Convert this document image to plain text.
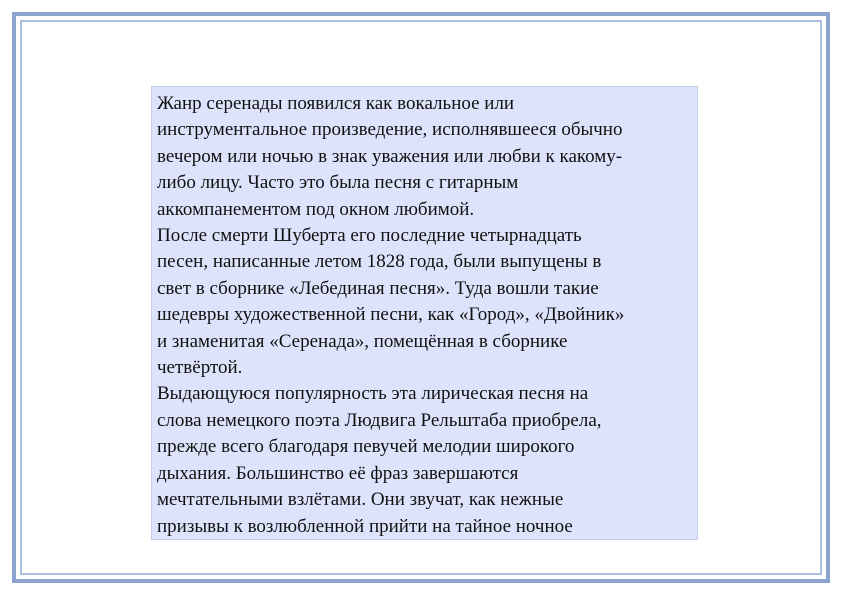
Жанр серенады появился как вокальное или
инструментальное произведение, исполнявшееся обычно
вечером или ночью в знак уважения или любви к какому-
либо лицу. Часто это была песня с гитарным
аккомпанементом под окном любимой.
После смерти Шуберта его последние четырнадцать
песен, написанные летом 1828 года, были выпущены в
свет в сборнике «Лебединая песня». Туда вошли такие
шедевры художественной песни, как «Город», «Двойник»
и знаменитая «Серенада», помещённая в сборнике
четвёртой.
Выдающуюся популярность эта лирическая песня на
слова немецкого поэта Людвига Рельштаба приобрела,
прежде всего благодаря певучей мелодии широкого
дыхания. Большинство её фраз завершаются
мечтательными взлётами. Они звучат, как нежные
призывы к возлюбленной прийти на тайное ночное
